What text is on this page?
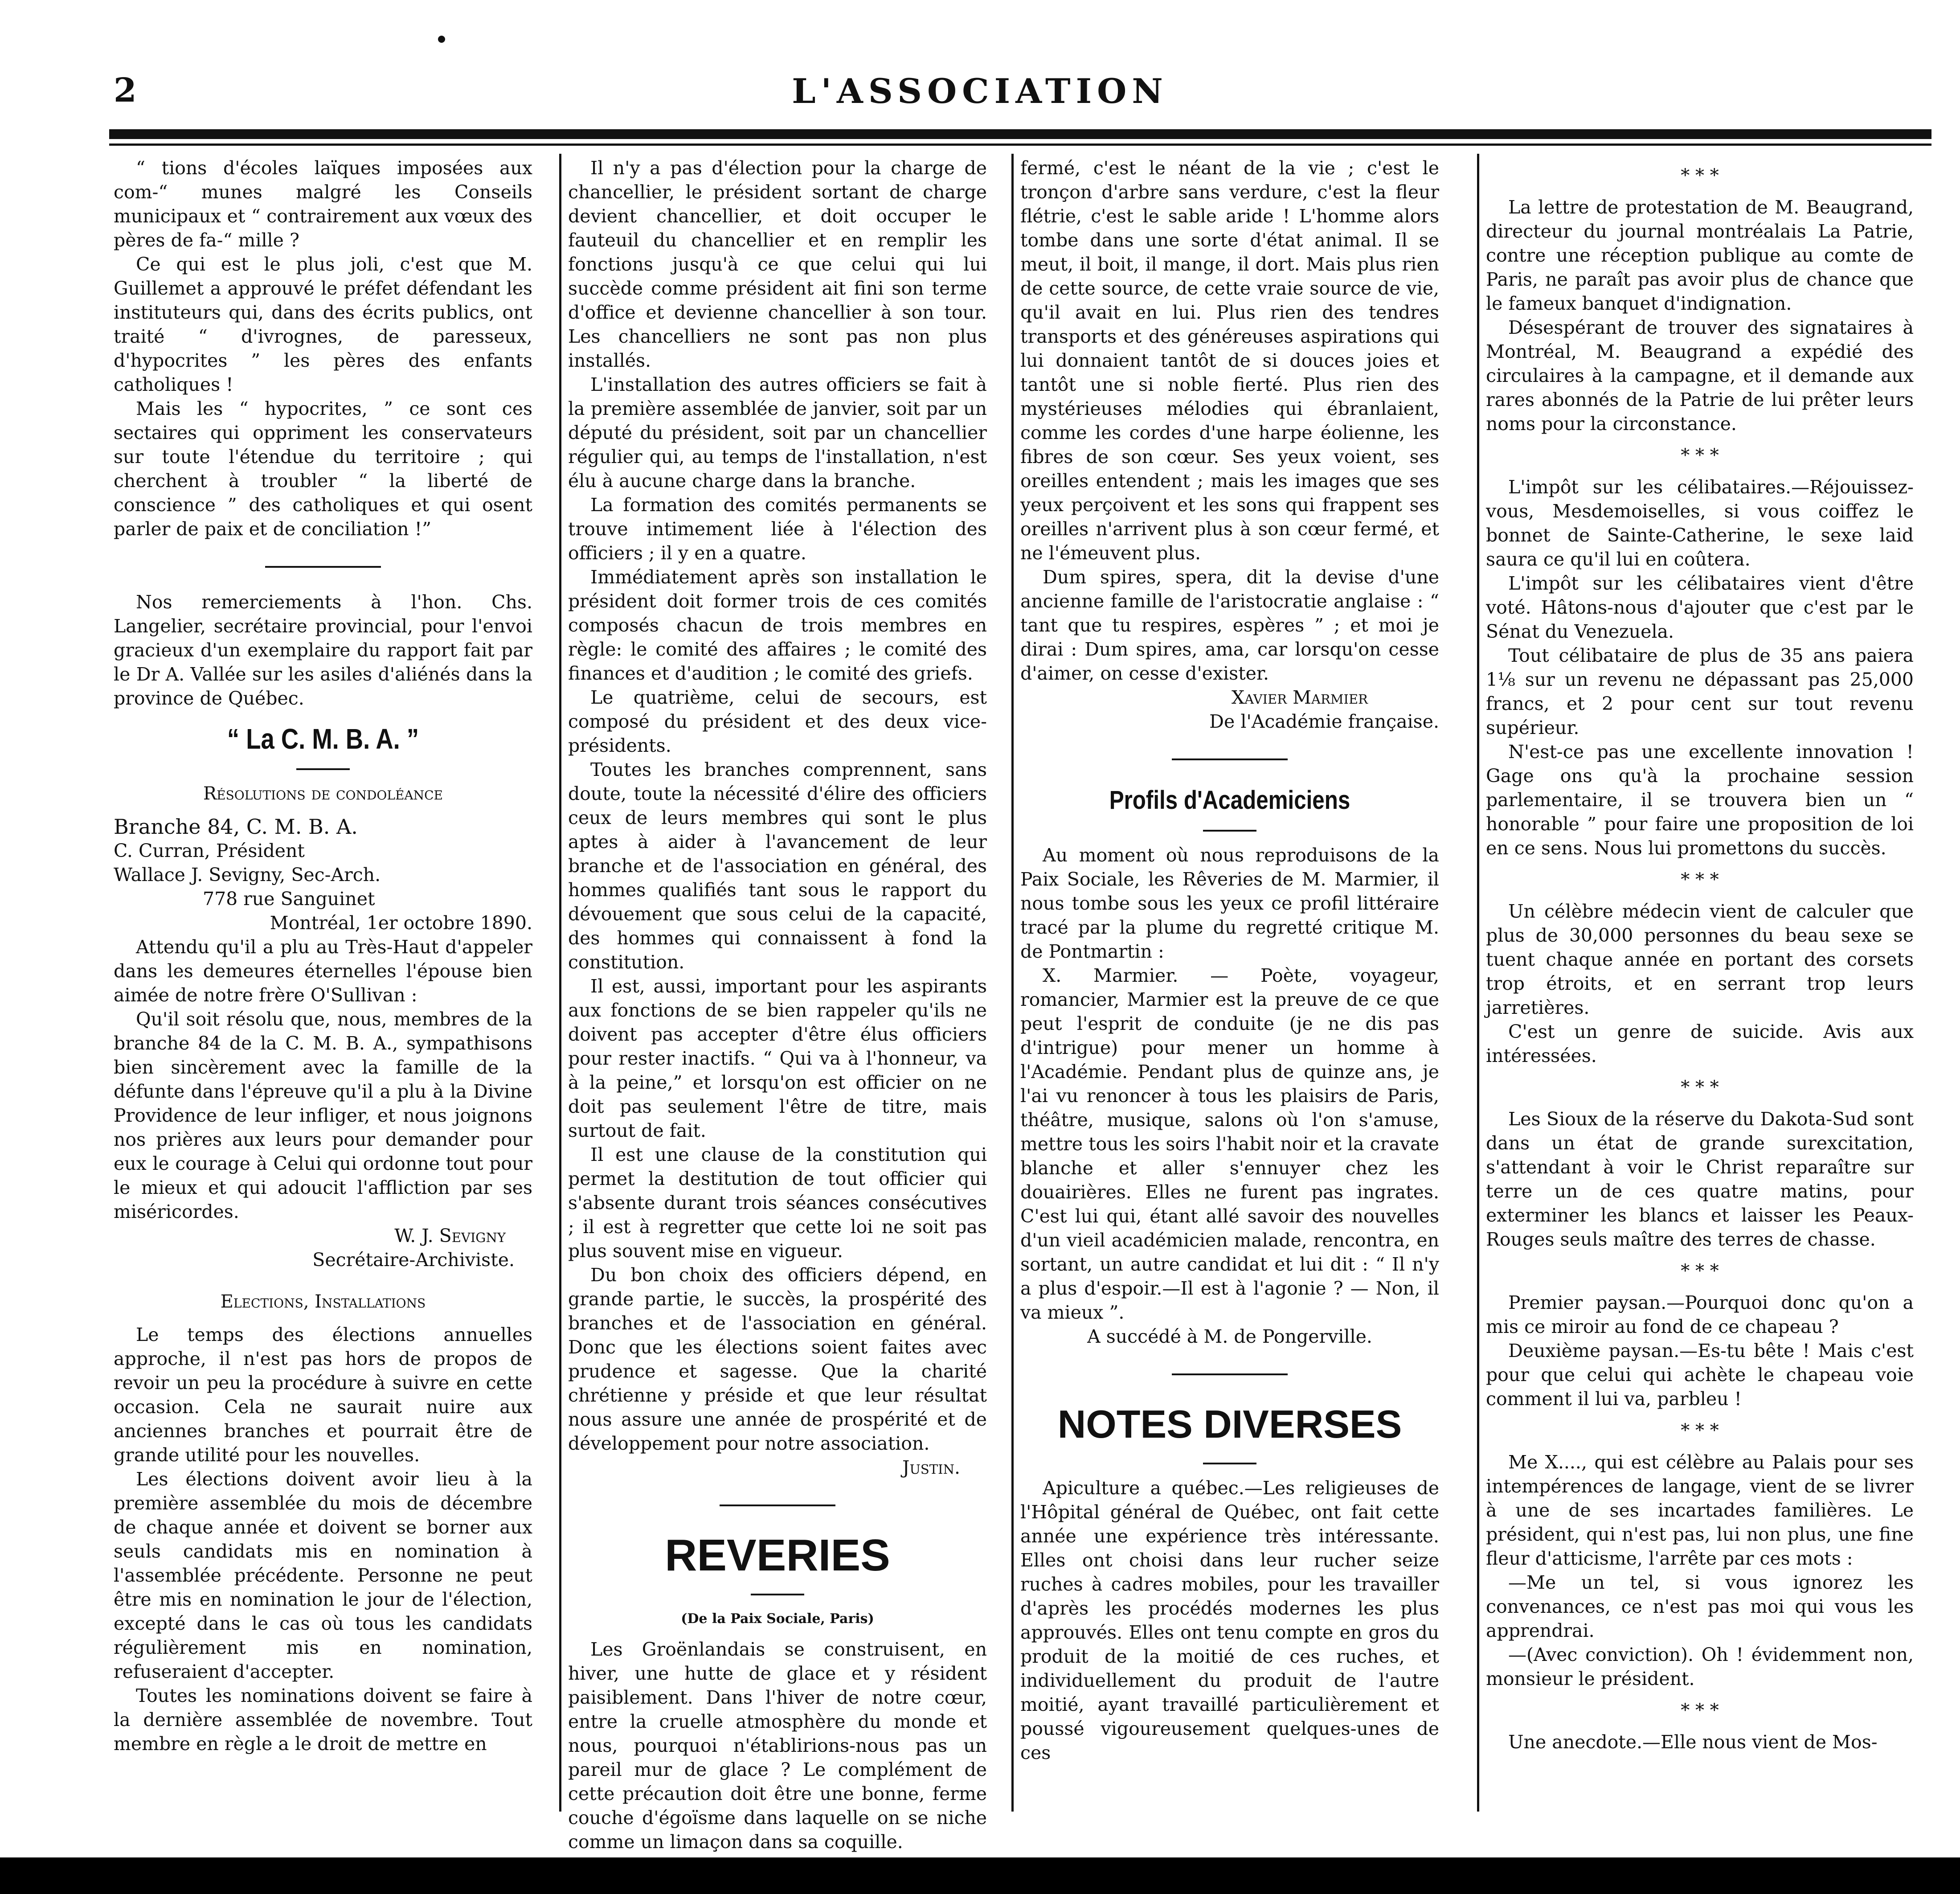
2	L'ASSOCIATION

“ tions d'écoles laïques imposées aux com-“ munes malgré les Conseils municipaux et “ contrairement aux vœux des pères de fa-“ mille ?

Ce qui est le plus joli, c'est que M. Guillemet a approuvé le préfet défendant les instituteurs qui, dans des écrits publics, ont traité “ d'ivrognes, de paresseux, d'hypocrites ” les pères des enfants catholiques !

Mais les “ hypocrites, ” ce sont ces sectaires qui oppriment les conservateurs sur toute l'étendue du territoire ; qui cherchent à troubler “ la liberté de conscience ” des catholiques et qui osent parler de paix et de conciliation !”

Nos remerciements à l'hon. Chs. Langelier, secrétaire provincial, pour l'envoi gracieux d'un exemplaire du rapport fait par le Dr A. Vallée sur les asiles d'aliénés dans la province de Québec.

“ La C. M. B. A. ”
Résolutions de condoléance

Branche 84, C. M. B. A.

C. Curran, Président

Wallace J. Sevigny, Sec-Arch.

778 rue Sanguinet

Montréal, 1er octobre 1890.

Attendu qu'il a plu au Très-Haut d'appeler dans les demeures éternelles l'épouse bien aimée de notre frère O'Sullivan :

Qu'il soit résolu que, nous, membres de la branche 84 de la C. M. B. A., sympathisons bien sincèrement avec la famille de la défunte dans l'épreuve qu'il a plu à la Divine Providence de leur infliger, et nous joignons nos prières aux leurs pour demander pour eux le courage à Celui qui ordonne tout pour le mieux et qui adoucit l'affliction par ses miséricordes.

W. J. Sevigny

Secrétaire-Archiviste.

Elections, Installations

Le temps des élections annuelles approche, il n'est pas hors de propos de revoir un peu la procédure à suivre en cette occasion. Cela ne saurait nuire aux anciennes branches et pourrait être de grande utilité pour les nouvelles.

Les élections doivent avoir lieu à la première assemblée du mois de décembre de chaque année et doivent se borner aux seuls candidats mis en nomination à l'assemblée précédente. Personne ne peut être mis en nomination le jour de l'élection, excepté dans le cas où tous les candidats régulièrement mis en nomination, refuseraient d'accepter.

Toutes les nominations doivent se faire à la dernière assemblée de novembre. Tout membre en règle a le droit de mettre en

Il n'y a pas d'élection pour la charge de chancellier, le président sortant de charge devient chancellier, et doit occuper le fauteuil du chancellier et en remplir les fonctions jusqu'à ce que celui qui lui succède comme président ait fini son terme d'office et devienne chancellier à son tour. Les chancelliers ne sont pas non plus installés.

L'installation des autres officiers se fait à la première assemblée de janvier, soit par un député du président, soit par un chancellier régulier qui, au temps de l'installation, n'est élu à aucune charge dans la branche.

La formation des comités permanents se trouve intimement liée à l'élection des officiers ; il y en a quatre.

Immédiatement après son installation le président doit former trois de ces comités composés chacun de trois membres en règle: le comité des affaires ; le comité des finances et d'audition ; le comité des griefs.

Le quatrième, celui de secours, est composé du président et des deux vice-présidents.

Toutes les branches comprennent, sans doute, toute la nécessité d'élire des officiers ceux de leurs membres qui sont le plus aptes à aider à l'avancement de leur branche et de l'association en général, des hommes qualifiés tant sous le rapport du dévouement que sous celui de la capacité, des hommes qui connaissent à fond la constitution.

Il est, aussi, important pour les aspirants aux fonctions de se bien rappeler qu'ils ne doivent pas accepter d'être élus officiers pour rester inactifs. “ Qui va à l'honneur, va à la peine,” et lorsqu'on est officier on ne doit pas seulement l'être de titre, mais surtout de fait.

Il est une clause de la constitution qui permet la destitution de tout officier qui s'absente durant trois séances consécutives ; il est à regretter que cette loi ne soit pas plus souvent mise en vigueur.

Du bon choix des officiers dépend, en grande partie, le succès, la prospérité des branches et de l'association en général. Donc que les élections soient faites avec prudence et sagesse. Que la charité chrétienne y préside et que leur résultat nous assure une année de prospérité et de développement pour notre association.

Justin.

REVERIES
(De la Paix Sociale, Paris)

Les Groënlandais se construisent, en hiver, une hutte de glace et y résident paisiblement. Dans l'hiver de notre cœur, entre la cruelle atmosphère du monde et nous, pourquoi n'établirions-nous pas un pareil mur de glace ? Le complément de cette précaution doit être une bonne, ferme couche d'égoïsme dans laquelle on se niche comme un limaçon dans sa coquille.

fermé, c'est le néant de la vie ; c'est le tronçon d'arbre sans verdure, c'est la fleur flétrie, c'est le sable aride ! L'homme alors tombe dans une sorte d'état animal. Il se meut, il boit, il mange, il dort. Mais plus rien de cette source, de cette vraie source de vie, qu'il avait en lui. Plus rien des tendres transports et des généreuses aspirations qui lui donnaient tantôt de si douces joies et tantôt une si noble fierté. Plus rien des mystérieuses mélodies qui ébranlaient, comme les cordes d'une harpe éolienne, les fibres de son cœur. Ses yeux voient, ses oreilles entendent ; mais les images que ses yeux perçoivent et les sons qui frappent ses oreilles n'arrivent plus à son cœur fermé, et ne l'émeuvent plus.

Dum spires, spera, dit la devise d'une ancienne famille de l'aristocratie anglaise : “ tant que tu respires, espères ” ; et moi je dirai : Dum spires, ama, car lorsqu'on cesse d'aimer, on cesse d'exister.

Xavier Marmier

De l'Académie française.

Profils d'Academiciens

Au moment où nous reproduisons de la Paix Sociale, les Rêveries de M. Marmier, il nous tombe sous les yeux ce profil littéraire tracé par la plume du regretté critique M. de Pontmartin :

X. Marmier. — Poète, voyageur, romancier, Marmier est la preuve de ce que peut l'esprit de conduite (je ne dis pas d'intrigue) pour mener un homme à l'Académie. Pendant plus de quinze ans, je l'ai vu renoncer à tous les plaisirs de Paris, théâtre, musique, salons où l'on s'amuse, mettre tous les soirs l'habit noir et la cravate blanche et aller s'ennuyer chez les douairières. Elles ne furent pas ingrates. C'est lui qui, étant allé savoir des nouvelles d'un vieil académicien malade, rencontra, en sortant, un autre candidat et lui dit : “ Il n'y a plus d'espoir.—Il est à l'agonie ? — Non, il va mieux ”.

A succédé à M. de Pongerville.

NOTES DIVERSES

Apiculture a québec.—Les religieuses de l'Hôpital général de Québec, ont fait cette année une expérience très intéressante. Elles ont choisi dans leur rucher seize ruches à cadres mobiles, pour les travailler d'après les procédés modernes les plus approuvés. Elles ont tenu compte en gros du produit de la moitié de ces ruches, et individuellement du produit de l'autre moitié, ayant travaillé particulièrement et poussé vigoureusement quelques-unes de ces

* * *

La lettre de protestation de M. Beaugrand, directeur du journal montréalais La Patrie, contre une réception publique au comte de Paris, ne paraît pas avoir plus de chance que le fameux banquet d'indignation.

Désespérant de trouver des signataires à Montréal, M. Beaugrand a expédié des circulaires à la campagne, et il demande aux rares abonnés de la Patrie de lui prêter leurs noms pour la circonstance.

* * *

L'impôt sur les célibataires.—Réjouissez-vous, Mesdemoiselles, si vous coiffez le bonnet de Sainte-Catherine, le sexe laid saura ce qu'il lui en coûtera.

L'impôt sur les célibataires vient d'être voté. Hâtons-nous d'ajouter que c'est par le Sénat du Venezuela.

Tout célibataire de plus de 35 ans paiera 1⅛ sur un revenu ne dépassant pas 25,000 francs, et 2 pour cent sur tout revenu supérieur.

N'est-ce pas une excellente innovation ! Gage ons qu'à la prochaine session parlementaire, il se trouvera bien un “ honorable ” pour faire une proposition de loi en ce sens. Nous lui promettons du succès.

* * *

Un célèbre médecin vient de calculer que plus de 30,000 personnes du beau sexe se tuent chaque année en portant des corsets trop étroits, et en serrant trop leurs jarretières.

C'est un genre de suicide. Avis aux intéressées.

* * *

Les Sioux de la réserve du Dakota-Sud sont dans un état de grande surexcitation, s'attendant à voir le Christ reparaître sur terre un de ces quatre matins, pour exterminer les blancs et laisser les Peaux-Rouges seuls maître des terres de chasse.

* * *

Premier paysan.—Pourquoi donc qu'on a mis ce miroir au fond de ce chapeau ?

Deuxième paysan.—Es-tu bête ! Mais c'est pour que celui qui achète le chapeau voie comment il lui va, parbleu !

* * *

Me X...., qui est célèbre au Palais pour ses intempérences de langage, vient de se livrer à une de ses incartades familières. Le président, qui n'est pas, lui non plus, une fine fleur d'atticisme, l'arrête par ces mots :

—Me un tel, si vous ignorez les convenances, ce n'est pas moi qui vous les apprendrai.

—(Avec conviction). Oh ! évidemment non, monsieur le président.

* * *

Une anecdote.—Elle nous vient de Mos-
